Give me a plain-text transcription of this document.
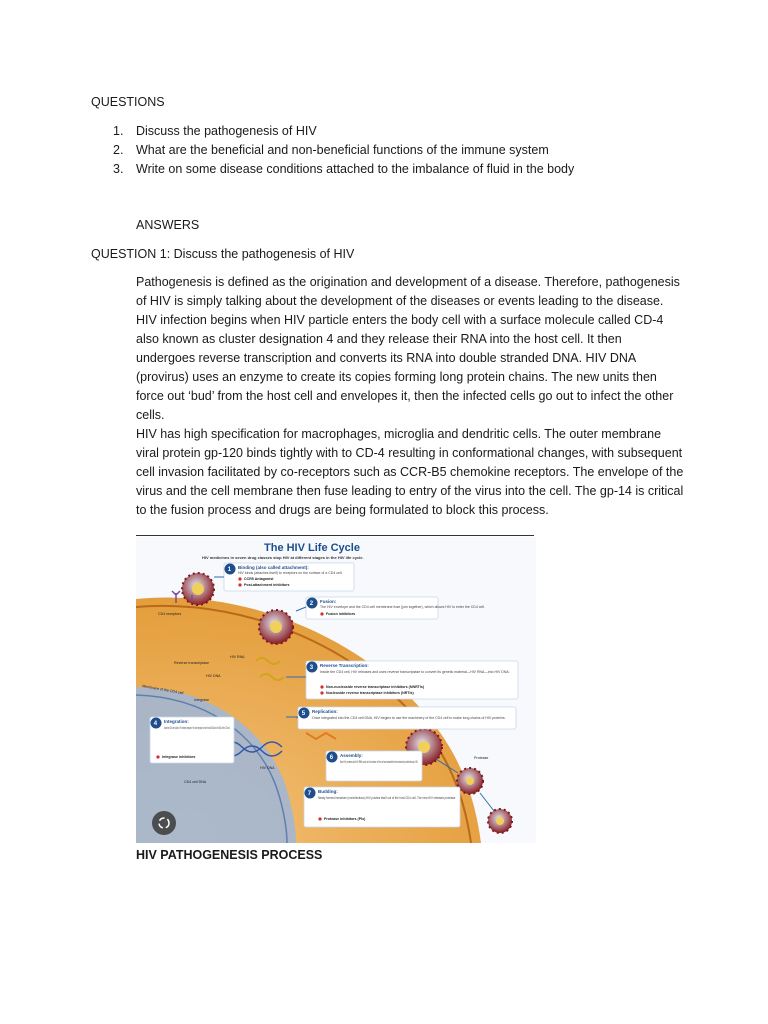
QUESTIONS
1.	Discuss the pathogenesis of HIV
2.	What are the beneficial and non-beneficial functions of the immune system
3.	Write on some disease conditions attached to the imbalance of fluid in the body
ANSWERS
QUESTION 1: Discuss the pathogenesis of HIV

Pathogenesis is defined as the origination and development of a disease. Therefore, pathogenesis of HIV is simply talking about the development of the diseases or events leading to the disease.

HIV infection begins when HIV particle enters the body cell with a surface molecule called CD-4 also known as cluster designation 4 and they release their RNA into the host cell. It then undergoes reverse transcription and converts its RNA into double stranded DNA. HIV DNA (provirus) uses an enzyme to create its copies forming long protein chains. The new units then force out ‘bud’ from the host cell and envelopes it, then the infected cells go out to infect the other cells.

HIV has high specification for macrophages, microglia and dendritic cells. The outer membrane viral protein gp-120 binds tightly with to CD-4 resulting in conformational changes, with subsequent cell invasion facilitated by co-receptors such as CCR-B5 chemokine receptors. The envelope of the virus and the cell membrane then fuse leading to entry of the virus into the cell. The gp-14 is critical to the fusion process and drugs are being formulated to block this process.

The HIV Life Cycle
HIV medicines in seven drug classes stop HIV at different stages in the HIV life cycle.
CD4 receptors
HIV RNA
Reverse transcriptase
HIV DNA
Membrane of the CD4 cell
Integrase
CD4 cell DNA
HIV DNA
Protease
1 Binding (also called attachment):
HIV binds (attaches itself) to receptors on the surface of a CD4 cell.
CCR5 Antagonist
Post-attachment inhibitors
2 Fusion:
The HIV envelope and the CD4 cell membrane fuse (join together), which allows HIV to enter the CD4 cell.
Fusion inhibitors
3 Reverse Transcription:
Inside the CD4 cell, HIV releases and uses reverse transcriptase to convert its genetic material—HIV RNA—into HIV DNA.
Non-nucleoside reverse transcriptase inhibitors (NNRTIs)
Nucleoside reverse transcriptase inhibitors (NRTIs)
4 Integration:
Inside the CD4 cell nucleus, HIV releases integrase. HIV uses integrase to insert its viral DNA into the DNA of the CD4 cell.
Integrase inhibitors
5 Replication:
Once integrated into the CD4 cell DNA, HIV begins to use the machinery of the CD4 cell to make long chains of HIV proteins.
6 Assembly:
New HIV proteins and HIV RNA move to the surface of the cell and assemble into immature (noninfectious) HIV.
7 Budding:
Newly formed immature (noninfectious) HIV pushes itself out of the host CD4 cell. The new HIV releases protease.
Protease inhibitors (PIs)
HIV PATHOGENESIS PROCESS
